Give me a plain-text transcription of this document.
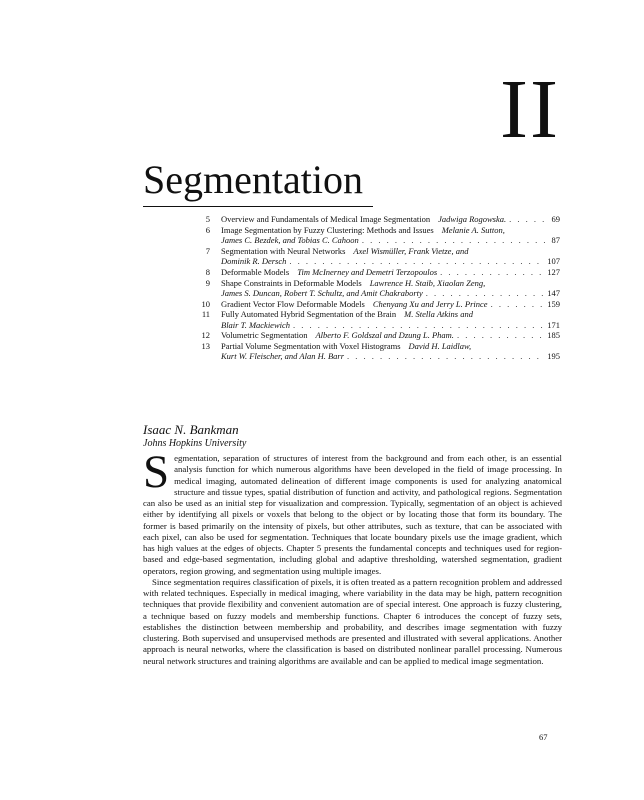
II
Segmentation
5 Overview and Fundamentals of Medical Image Segmentation Jadwiga Rogowska. . . .	69
6 Image Segmentation by Fuzzy Clustering: Methods and Issues Melanie A. Sutton,
James C. Bezdek, and Tobias C. Cahoon . . .	87
7 Segmentation with Neural Networks Axel Wismüller, Frank Vietze, and
Dominik R. Dersch . . .	107
8 Deformable Models Tim McInerney and Demetri Terzopoulos . . .	127
9 Shape Constraints in Deformable Models Lawrence H. Staib, Xiaolan Zeng,
James S. Duncan, Robert T. Schultz, and Amit Chakraborty . . .	147
10 Gradient Vector Flow Deformable Models Chenyang Xu and Jerry L. Prince . . .	159
11 Fully Automated Hybrid Segmentation of the Brain M. Stella Atkins and
Blair T. Mackiewich . . .	171
12 Volumetric Segmentation Alberto F. Goldszal and Dzung L. Pham. . . .	185
13 Partial Volume Segmentation with Voxel Histograms David H. Laidlaw,
Kurt W. Fleischer, and Alan H. Barr . . .	195
Isaac N. Bankman
Johns Hopkins University

Segmentation, separation of structures of interest from the background and from each other, is an essential analysis function for which numerous algorithms have been developed in the field of image processing. In medical imaging, automated delineation of different image components is used for analyzing anatomical structure and tissue types, spatial distribution of function and activity, and pathological regions. Segmentation can also be used as an initial step for visualization and compression. Typically, segmentation of an object is achieved either by identifying all pixels or voxels that belong to the object or by locating those that form its boundary. The former is based primarily on the intensity of pixels, but other attributes, such as texture, that can be associated with each pixel, can also be used for segmentation. Techniques that locate boundary pixels use the image gradient, which has high values at the edges of objects. Chapter 5 presents the fundamental concepts and techniques used for region-based and edge-based segmentation, including global and adaptive thresholding, watershed segmentation, gradient operators, region growing, and segmentation using multiple images.

Since segmentation requires classification of pixels, it is often treated as a pattern recognition problem and addressed with related techniques. Especially in medical imaging, where variability in the data may be high, pattern recognition techniques that provide flexibility and convenient automation are of special interest. One approach is fuzzy clustering, a technique based on fuzzy models and membership functions. Chapter 6 introduces the concept of fuzzy sets, establishes the distinction between membership and probability, and describes image segmentation with fuzzy clustering. Both supervised and unsupervised methods are presented and illustrated with several applications. Another approach is neural networks, where the classification is based on distributed nonlinear parallel processing. Numerous neural network structures and training algorithms are available and can be applied to medical image segmentation.

67
